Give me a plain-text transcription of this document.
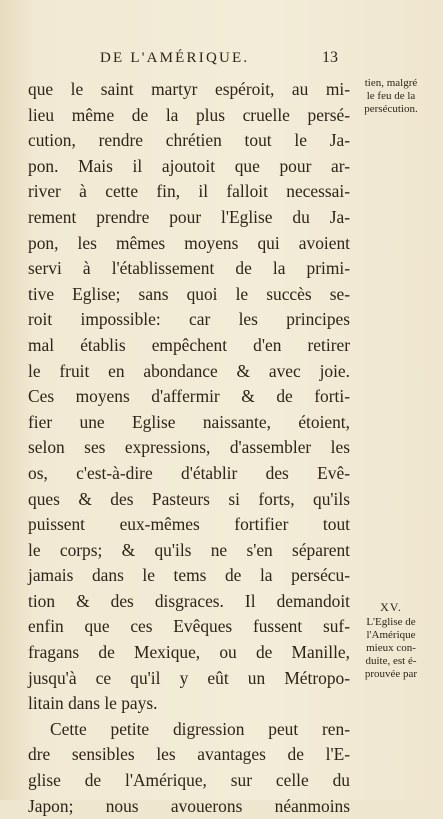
DE L'AMÉRIQUE.	13
que le saint martyr espéroit, au mi-
lieu même de la plus cruelle persé-
cution, rendre chrétien tout le Ja-
pon. Mais il ajoutoit que pour ar-
river à cette fin, il falloit necessai-
rement prendre pour l'Eglise du Ja-
pon, les mêmes moyens qui avoient
servi à l'établissement de la primi-
tive Eglise; sans quoi le succès se-
roit impossible: car les principes
mal établis empêchent d'en retirer
le fruit en abondance & avec joie.
Ces moyens d'affermir & de forti-
fier une Eglise naissante, étoient,
selon ses expressions, d'assembler les
os, c'est-à-dire d'établir des Evê-
ques & des Pasteurs si forts, qu'ils
puissent eux-mêmes fortifier tout
le corps; & qu'ils ne s'en séparent
jamais dans le tems de la persécu-
tion & des disgraces. Il demandoit
enfin que ces Evêques fussent suf-
fragans de Mexique, ou de Manille,
jusqu'à ce qu'il y eût un Métropo-
litain dans le pays.
Cette petite digression peut ren-
dre sensibles les avantages de l'E-
glise de l'Amérique, sur celle du
Japon; nous avouerons néanmoins
tien, malgré
le feu de la
persécution.
XV.
L'Eglise de
l'Amérique
mieux con-
duite, est é-
prouvée par
